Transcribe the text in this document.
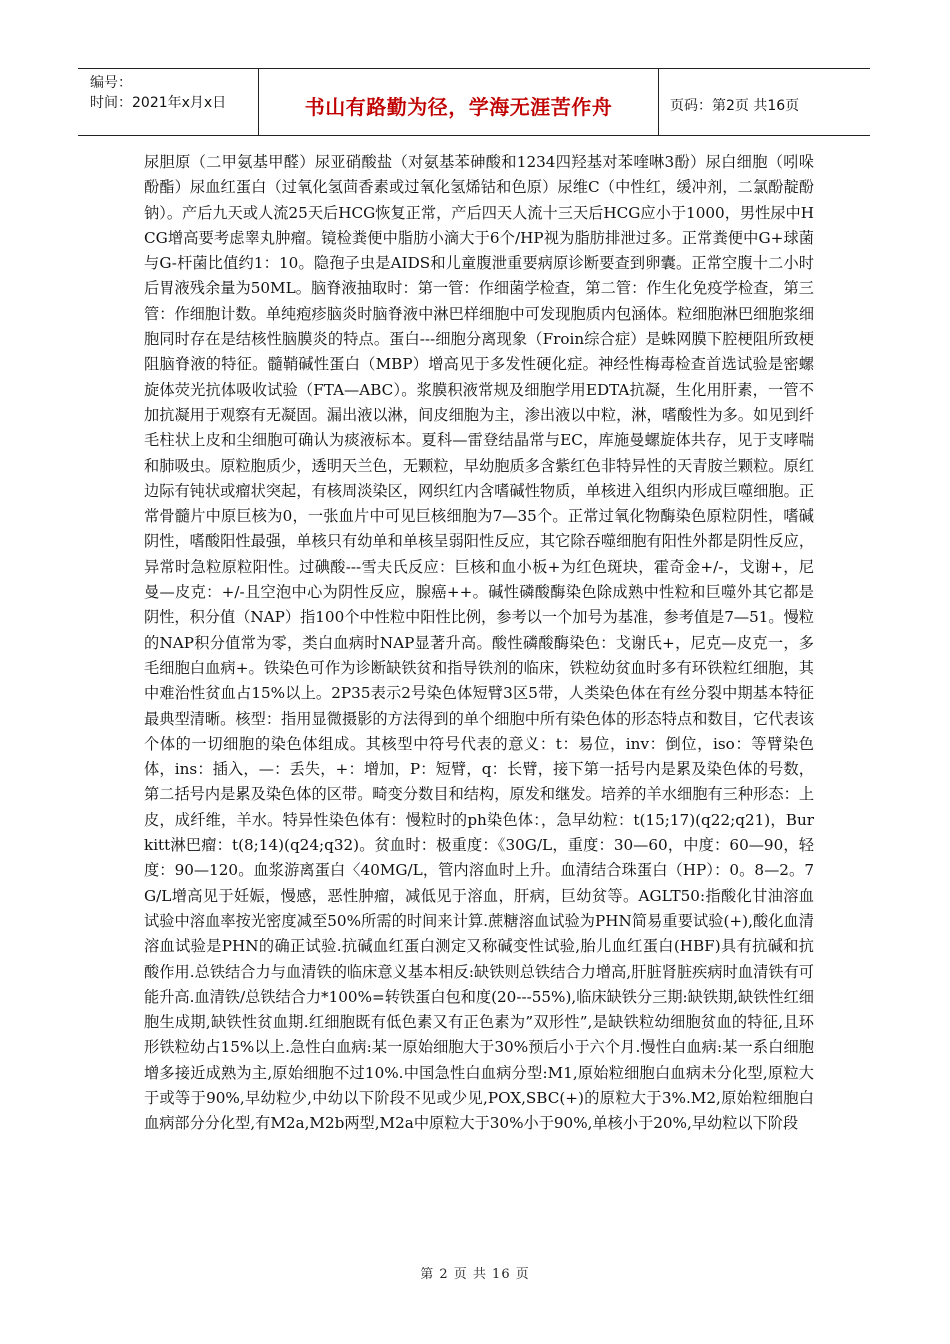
编号：
时间：2021年x月x日	书山有路勤为径，学海无涯苦作舟	页码：第2页 共16页
尿胆原（二甲氨基甲醛）尿亚硝酸盐（对氨基苯砷酸和1234四羟基对苯喹啉3酚）尿白细胞（吲哚酚酯）尿血红蛋白（过氧化氢茴香素或过氧化氢烯钴和色原）尿维C（中性红，缓冲剂，二氯酚靛酚钠）。产后九天或人流25天后HCG恢复正常，产后四天人流十三天后HCG应小于1000，男性尿中HCG增高要考虑睾丸肿瘤。镜检粪便中脂肪小滴大于6个/HP视为脂肪排泄过多。正常粪便中G+球菌与G-杆菌比值约1：10。隐孢子虫是AIDS和儿童腹泄重要病原诊断要查到卵囊。正常空腹十二小时后胃液残余量为50ML。脑脊液抽取时：第一管：作细菌学检查，第二管：作生化免疫学检查，第三管：作细胞计数。单纯疱疹脑炎时脑脊液中淋巴样细胞中可发现胞质内包涵体。粒细胞淋巴细胞浆细胞同时存在是结核性脑膜炎的特点。蛋白---细胞分离现象（Froin综合症）是蛛网膜下腔梗阻所致梗阻脑脊液的特征。髓鞘碱性蛋白（MBP）增高见于多发性硬化症。神经性梅毒检查首选试验是密螺旋体荧光抗体吸收试验（FTA—ABC）。浆膜积液常规及细胞学用EDTA抗凝，生化用肝素，一管不加抗凝用于观察有无凝固。漏出液以淋，间皮细胞为主，渗出液以中粒，淋，嗜酸性为多。如见到纤毛柱状上皮和尘细胞可确认为痰液标本。夏科—雷登结晶常与EC，库施曼螺旋体共存，见于支哮喘和肺吸虫。原粒胞质少，透明天兰色，无颗粒，早幼胞质多含紫红色非特异性的天青胺兰颗粒。原红边际有钝状或瘤状突起，有核周淡染区，网织红内含嗜碱性物质，单核进入组织内形成巨噬细胞。正常骨髓片中原巨核为0，一张血片中可见巨核细胞为7—35个。正常过氧化物酶染色原粒阴性，嗜碱阴性，嗜酸阳性最强，单核只有幼单和单核呈弱阳性反应，其它除吞噬细胞有阳性外都是阴性反应，异常时急粒原粒阳性。过碘酸---雪夫氏反应：巨核和血小板+为红色斑块，霍奇金+/-，戈谢+，尼曼—皮克：+/-且空泡中心为阴性反应，腺癌++。碱性磷酸酶染色除成熟中性粒和巨噬外其它都是阴性，积分值（NAP）指100个中性粒中阳性比例，参考以一个加号为基准，参考值是7—51。慢粒的NAP积分值常为零，类白血病时NAP显著升高。酸性磷酸酶染色：戈谢氏+，尼克—皮克一，多毛细胞白血病+。铁染色可作为诊断缺铁贫和指导铁剂的临床，铁粒幼贫血时多有环铁粒红细胞，其中难治性贫血占15%以上。2P35表示2号染色体短臂3区5带，人类染色体在有丝分裂中期基本特征最典型清晰。核型：指用显微摄影的方法得到的单个细胞中所有染色体的形态特点和数目，它代表该个体的一切细胞的染色体组成。其核型中符号代表的意义：t：易位，inv：倒位，iso：等臂染色体，ins：插入，—：丢失，+：增加，P：短臂，q：长臂，接下第一括号内是累及染色体的号数，第二括号内是累及染色体的区带。畸变分数目和结构，原发和继发。培养的羊水细胞有三种形态：上皮，成纤维，羊水。特异性染色体有：慢粒时的ph染色体：，急早幼粒：t(15;17)(q22;q21)，Burkitt淋巴瘤：t(8;14)(q24;q32)。贫血时：极重度：《30G/L，重度：30—60，中度：60—90，轻度：90—120。血浆游离蛋白〈40MG/L，管内溶血时上升。血清结合珠蛋白（HP）：0。8—2。7G/L增高见于妊娠，慢感，恶性肿瘤，减低见于溶血，肝病，巨幼贫等。AGLT50:指酸化甘油溶血试验中溶血率按光密度减至50%所需的时间来计算.蔗糖溶血试验为PHN简易重要试验(+),酸化血清溶血试验是PHN的确正试验.抗碱血红蛋白测定又称碱变性试验,胎儿血红蛋白(HBF)具有抗碱和抗酸作用.总铁结合力与血清铁的临床意义基本相反:缺铁则总铁结合力增高,肝脏肾脏疾病时血清铁有可能升高.血清铁/总铁结合力*100%=转铁蛋白包和度(20---55%),临床缺铁分三期:缺铁期,缺铁性红细胞生成期,缺铁性贫血期.红细胞既有低色素又有正色素为”双形性”,是缺铁粒幼细胞贫血的特征,且环形铁粒幼占15%以上.急性白血病:某一原始细胞大于30%预后小于六个月.慢性白血病:某一系白细胞增多接近成熟为主,原始细胞不过10%.中国急性白血病分型:M1,原始粒细胞白血病未分化型,原粒大于或等于90%,早幼粒少,中幼以下阶段不见或少见,POX,SBC(+)的原粒大于3%.M2,原始粒细胞白血病部分分化型,有M2a,M2b两型,M2a中原粒大于30%小于90%,单核小于20%,早幼粒以下阶段
第 2 页 共 16 页
